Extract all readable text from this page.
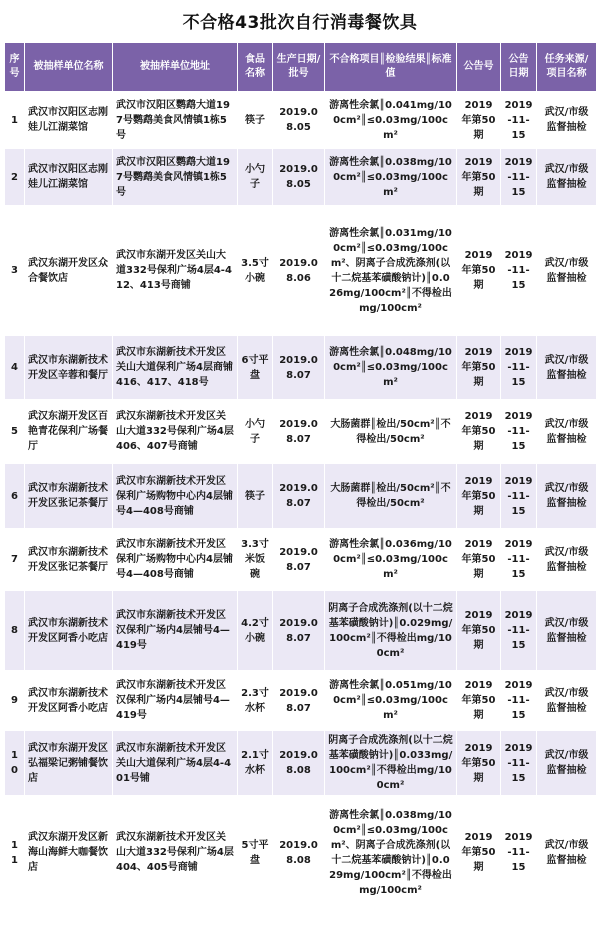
不合格43批次自行消毒餐饮具
序号	被抽样单位名称	被抽样单位地址	食品名称	生产日期/批号	不合格项目║检验结果║标准值	公告号	公告日期	任务来源/项目名称
1	武汉市汉阳区志刚娃儿江湖菜馆	武汉市汉阳区鹦鹉大道197号鹦鹉美食风情镇1栋5号	筷子	2019.08.05	游离性余氯║0.041mg/100cm²║≤0.03mg/100cm²	2019年第50期	2019-11-15	武汉/市级监督抽检
2	武汉市汉阳区志刚娃儿江湖菜馆	武汉市汉阳区鹦鹉大道197号鹦鹉美食风情镇1栋5号	小勺子	2019.08.05	游离性余氯║0.038mg/100cm²║≤0.03mg/100cm²	2019年第50期	2019-11-15	武汉/市级监督抽检
3	武汉东湖开发区众合餐饮店	武汉市东湖开发区关山大道332号保利广场4层4-412、413号商铺	3.5寸小碗	2019.08.06	游离性余氯║0.031mg/100cm²║≤0.03mg/100cm²、阴离子合成洗涤剂(以十二烷基苯磺酸钠计)║0.026mg/100cm²║不得检出mg/100cm²	2019年第50期	2019-11-15	武汉/市级监督抽检
4	武汉市东湖新技术开发区辛蓉和餐厅	武汉市东湖新技术开发区关山大道保利广场4层商铺416、417、418号	6寸平盘	2019.08.07	游离性余氯║0.048mg/100cm²║≤0.03mg/100cm²	2019年第50期	2019-11-15	武汉/市级监督抽检
5	武汉东湖开发区百艳青花保利广场餐厅	武汉东湖新技术开发区关山大道332号保利广场4层406、407号商铺	小勺子	2019.08.07	大肠菌群║检出/50cm²║不得检出/50cm²	2019年第50期	2019-11-15	武汉/市级监督抽检
6	武汉市东湖新技术开发区张记茶餐厅	武汉市东湖新技术开发区保利广场购物中心内4层铺号4—408号商铺	筷子	2019.08.07	大肠菌群║检出/50cm²║不得检出/50cm²	2019年第50期	2019-11-15	武汉/市级监督抽检
7	武汉市东湖新技术开发区张记茶餐厅	武汉市东湖新技术开发区保利广场购物中心内4层铺号4—408号商铺	3.3寸米饭碗	2019.08.07	游离性余氯║0.036mg/100cm²║≤0.03mg/100cm²	2019年第50期	2019-11-15	武汉/市级监督抽检
8	武汉市东湖新技术开发区阿香小吃店	武汉市东湖新技术开发区汉保利广场内4层铺号4—419号	4.2寸小碗	2019.08.07	阴离子合成洗涤剂(以十二烷基苯磺酸钠计)║0.029mg/100cm²║不得检出mg/100cm²	2019年第50期	2019-11-15	武汉/市级监督抽检
9	武汉市东湖新技术开发区阿香小吃店	武汉市东湖新技术开发区汉保利广场内4层铺号4—419号	2.3寸水杯	2019.08.07	游离性余氯║0.051mg/100cm²║≤0.03mg/100cm²	2019年第50期	2019-11-15	武汉/市级监督抽检
10	武汉市东湖开发区弘福梁记粥铺餐饮店	武汉市东湖新技术开发区关山大道保利广场4层4-401号铺	2.1寸水杯	2019.08.08	阴离子合成洗涤剂(以十二烷基苯磺酸钠计)║0.033mg/100cm²║不得检出mg/100cm²	2019年第50期	2019-11-15	武汉/市级监督抽检
11	武汉东湖开发区新海山海鲜大咖餐饮店	武汉东湖新技术开发区关山大道332号保利广场4层404、405号商铺	5寸平盘	2019.08.08	游离性余氯║0.038mg/100cm²║≤0.03mg/100cm²、阴离子合成洗涤剂(以十二烷基苯磺酸钠计)║0.029mg/100cm²║不得检出mg/100cm²	2019年第50期	2019-11-15	武汉/市级监督抽检
